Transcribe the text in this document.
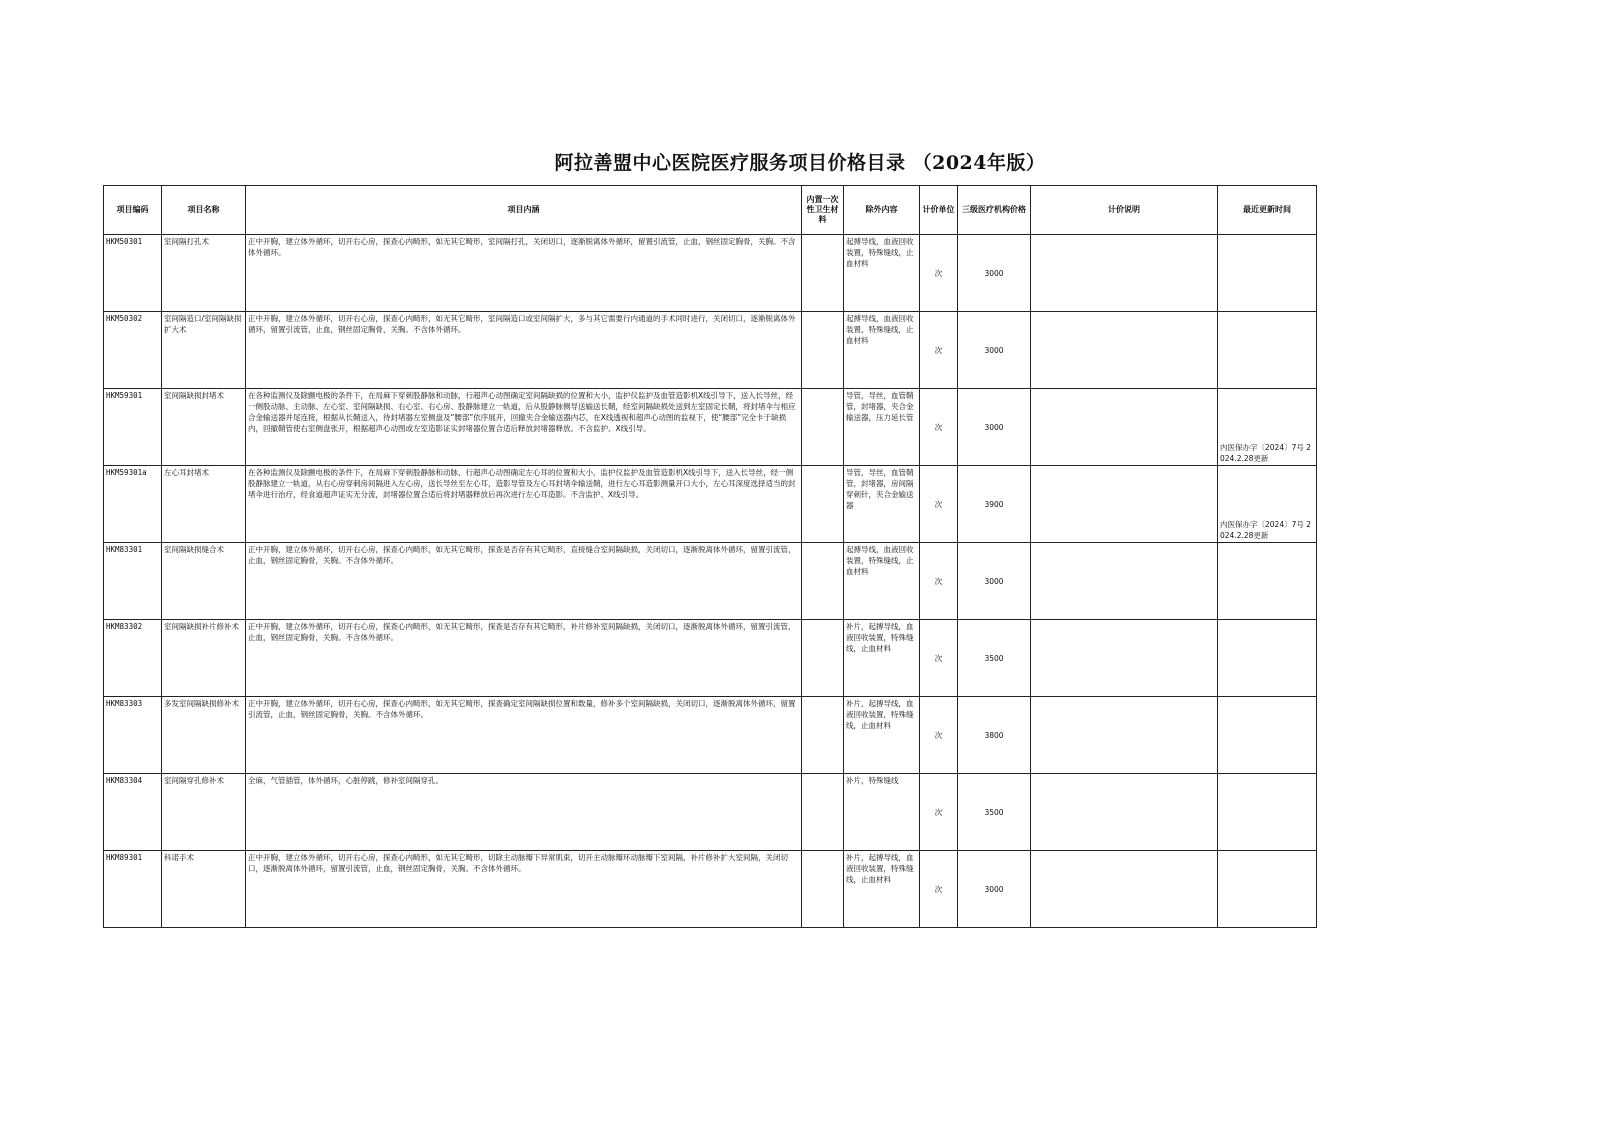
阿拉善盟中心医院医疗服务项目价格目录 （2024年版）
项目编码	项目名称	项目内涵	内置一次性卫生材料	除外内容	计价单位	三级医疗机构价格	计价说明	最近更新时间
HKM50301	室间隔打孔术	正中开胸，建立体外循环，切开右心房，探查心内畸形，如无其它畸形，室间隔打孔，关闭切口，逐渐脱离体外循环，留置引流管，止血，钢丝固定胸骨，关胸。不含体外循环。		起搏导线，血液回收装置，特殊缝线，止血材料	次	3000		
HKM50302	室间隔造口/室间隔缺损扩大术	正中开胸，建立体外循环，切开右心房，探查心内畸形，如无其它畸形，室间隔造口或室间隔扩大，多与其它需要行内通道的手术同时进行，关闭切口，逐渐脱离体外循环，留置引流管，止血，钢丝固定胸骨，关胸。不含体外循环。		起搏导线，血液回收装置，特殊缝线，止血材料	次	3000		
HKM59301	室间隔缺损封堵术	在各种监测仪及除颤电极的条件下，在局麻下穿刺股静脉和动脉，行超声心动图确定室间隔缺损的位置和大小，监护仪监护及血管造影机X线引导下，送入长导丝，经一侧股动脉、主动脉、左心室、室间隔缺损、右心室、右心房、股静脉建立一轨道，后从股静脉侧导送输送长鞘，经室间隔缺损处送到左室固定长鞘，将封堵伞与相应合金输送器并尾连接，根据从长鞘送入，待封堵器左室侧盘及“腰部”依序展开，回撤夹合金输送器内芯，在X线透视和超声心动图的监视下，使“腰部”完全卡于缺损内，回撤鞘管使右室侧盘张开，根据超声心动图或左室造影证实封堵器位置合适后释放封堵器释放。不含监护、X线引导。		导管，导丝，血管鞘管，封堵器，夹合金输送器，压力延长管	次	3000		内医保办字〔2024〕7号 2024.2.28更新
HKM59301a	左心耳封堵术	在各种监测仪及除颤电极的条件下，在局麻下穿刺股静脉和动脉，行超声心动图确定左心耳的位置和大小，监护仪监护及血管造影机X线引导下，送入长导丝，经一侧股静脉建立一轨道，从右心房穿刺房间隔进入左心房，送长导丝至左心耳，造影导管及左心耳封堵伞输送鞘，进行左心耳造影测量开口大小，左心耳深度选择适当的封堵伞进行治疗，经食道超声证实无分流，封堵器位置合适后将封堵器释放后再次进行左心耳造影。不含监护、X线引导。		导管，导丝，血管鞘管，封堵器，房间隔穿刺针，夹合金输送器	次	3900		内医保办字〔2024〕7号 2024.2.28更新
HKM83301	室间隔缺损缝合术	正中开胸，建立体外循环，切开右心房，探查心内畸形，如无其它畸形，探查是否存有其它畸形，直接缝合室间隔缺损，关闭切口，逐渐脱离体外循环，留置引流管，止血，钢丝固定胸骨，关胸。不含体外循环。		起搏导线，血液回收装置，特殊缝线，止血材料	次	3000		
HKM83302	室间隔缺损补片修补术	正中开胸，建立体外循环，切开右心房，探查心内畸形，如无其它畸形，探查是否存有其它畸形，补片修补室间隔缺损，关闭切口，逐渐脱离体外循环，留置引流管，止血，钢丝固定胸骨，关胸。不含体外循环。		补片，起搏导线，血液回收装置，特殊缝线，止血材料	次	3500		
HKM83303	多发室间隔缺损修补术	正中开胸，建立体外循环，切开右心房，探查心内畸形，如无其它畸形，探查确定室间隔缺损位置和数量，修补多个室间隔缺损，关闭切口，逐渐脱离体外循环，留置引流管，止血，钢丝固定胸骨，关胸。不含体外循环。		补片，起搏导线，血液回收装置，特殊缝线，止血材料	次	3800		
HKM83304	室间隔穿孔修补术	全麻，气管插管，体外循环，心脏停跳，修补室间隔穿孔。		补片，特殊缝线	次	3500		
HKM89301	科诺手术	正中开胸，建立体外循环，切开右心房，探查心内畸形，如无其它畸形，切除主动脉瓣下异常肌束，切开主动脉瓣环动脉瓣下室间隔，补片修补扩大室间隔，关闭切口，逐渐脱离体外循环，留置引流管，止血，钢丝固定胸骨，关胸。不含体外循环。		补片，起搏导线，血液回收装置，特殊缝线，止血材料	次	3000		
